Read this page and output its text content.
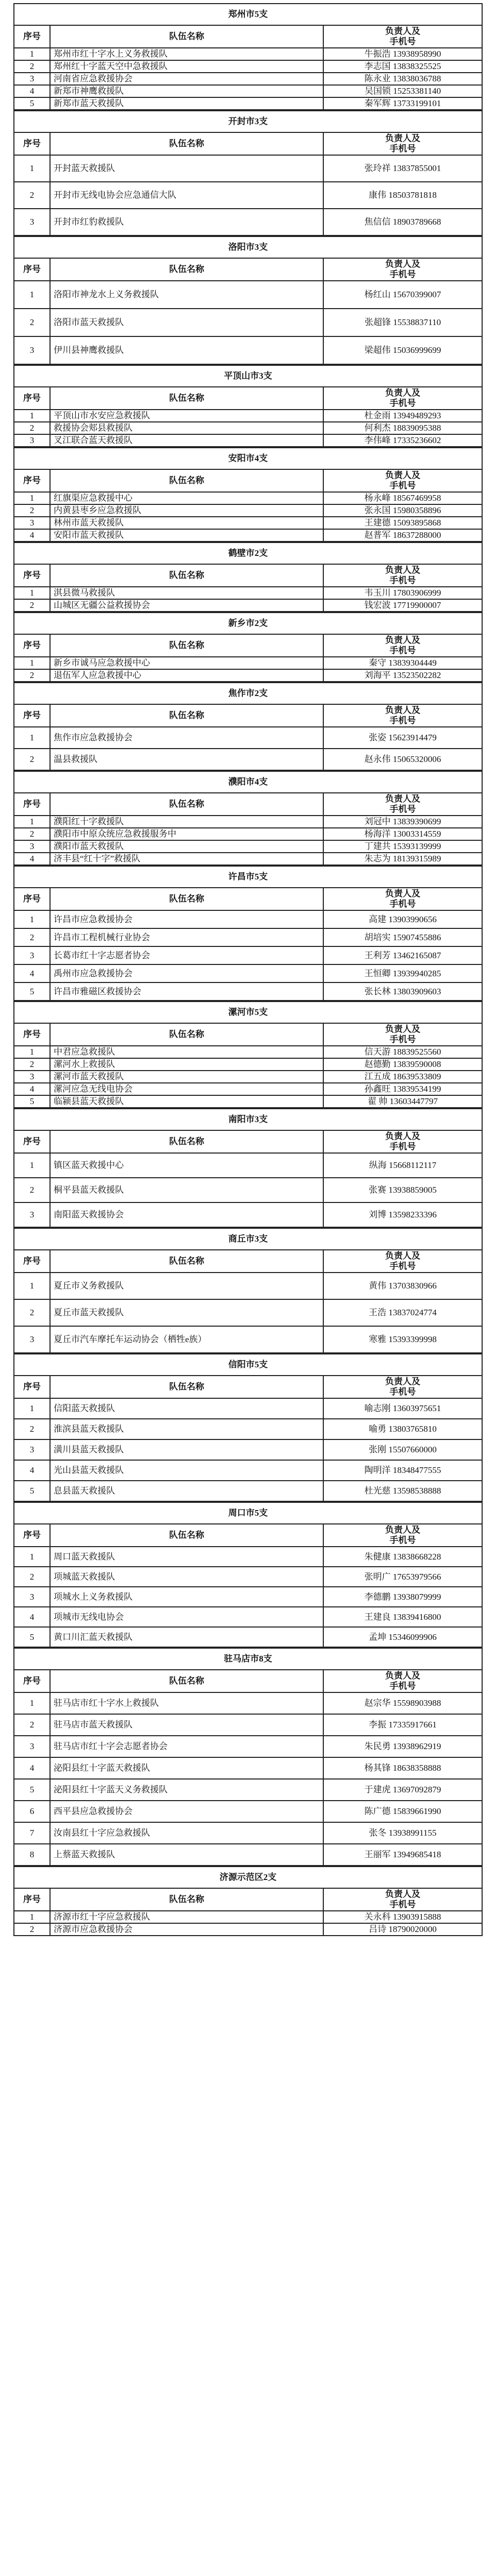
郑州市5支		
序号	队伍名称	负责人及
手机号

1	郑州市红十字水上义务救援队	牛振浩 13938958990
2	郑州红十字蓝天空中急救援队	李志国 13838325525
3	河南省应急救援协会	陈永业 13838036788
4	新郑市神鹰救援队	吴国锁 15253381140
5	新郑市蓝天救援队	秦军辉 13733199101
开封市3支		
序号	队伍名称	负责人及
手机号

1	开封蓝天救援队	张玲祥 13837855001
2	开封市无线电协会应急通信大队	康伟 18503781818
3	开封市红豹救援队	焦信信 18903789668
洛阳市3支		
序号	队伍名称	负责人及
手机号

1	洛阳市神龙水上义务救援队	杨红山 15670399007
2	洛阳市蓝天救援队	张超锋 15538837110
3	伊川县神鹰救援队	梁超伟 15036999699
平顶山市3支		
序号	队伍名称	负责人及
手机号

1	平顶山市水安应急救援队	杜金雨 13949489293
2	救援协会郏县救援队	何利杰 18839095388
3	叉江联合蓝天救援队	李伟峰 17335236602
安阳市4支		
序号	队伍名称	负责人及
手机号

1	红旗渠应急救援中心	杨永峰 18567469958
2	内黄县枣乡应急救援队	张永国 15980358896
3	林州市蓝天救援队	王建德 15093895868
4	安阳市蓝天救援队	赵普军 18637288000
鹤壁市2支		
序号	队伍名称	负责人及
手机号

1	淇县微马救援队	韦玉川 17803906999
2	山城区无疆公益救援协会	钱宏波 17719900007
新乡市2支		
序号	队伍名称	负责人及
手机号

1	新乡市诚马应急救援中心	秦守 13839304449
2	退伍军人应急救援中心	刘海平 13523502282
焦作市2支		
序号	队伍名称	负责人及
手机号

1	焦作市应急救援协会	张姿 15623914479
2	温县救援队	赵永伟 15065320006
濮阳市4支		
序号	队伍名称	负责人及
手机号

1	濮阳红十字救援队	刘冠中 13839390699
2	濮阳市中原众统应急救援服务中	杨海洋 13003314559
3	濮阳市蓝天救援队	丁建共 15393139999
4	济丰县“红十字”救援队	朱志为 18139315989
许昌市5支		
序号	队伍名称	负责人及
手机号

1	许昌市应急救援协会	高建 13903990656
2	许昌市工程机械行业协会	胡培实 15907455886
3	长葛市红十字志愿者协会	王利芳 13462165087
4	禹州市应急救援协会	王恒卿 13939940285
5	许昌市雅磁区救援协会	张长林 13803909603
漯河市5支		
序号	队伍名称	负责人及
手机号

1	中君应急救援队	信天游 18839525560
2	漯河水上救援队	赵德勤 13839590008
3	漯河市蓝天救援队	江五成 18639533809
4	漯河应急无线电协会	孙鑫旺 13839534199
5	临颍县蓝天救援队	翟 帅 13603447797
南阳市3支		
序号	队伍名称	负责人及
手机号

1	镇区蓝天救援中心	纵海 15668112117
2	桐平县蓝天救援队	张赛 13938859005
3	南阳蓝天救援协会	刘博 13598233396
商丘市3支		
序号	队伍名称	负责人及
手机号

1	夏丘市义务救援队	黄伟 13703830966
2	夏丘市蓝天救援队	王浩 13837024774
3	夏丘市汽车摩托车运动协会（栖牲e族）	寒雅 15393399998
信阳市5支		
序号	队伍名称	负责人及
手机号

1	信阳蓝天救援队	喻志刚 13603975651
2	淮滨县蓝天救援队	喻勇 13803765810
3	潢川县蓝天救援队	张刚 15507660000
4	光山县蓝天救援队	陶明洋 18348477555
5	息县蓝天救援队	杜光慈 13598538888
周口市5支		
序号	队伍名称	负责人及
手机号

1	周口蓝天救援队	朱健康 13838668228
2	项城蓝天救援队	张明广 17653979566
3	项城水上义务救援队	李德鹏 13938079999
4	项城市无线电协会	王建良 13839416800
5	黄口川汇蓝天救援队	孟坤 15346099906
驻马店市8支		
序号	队伍名称	负责人及
手机号

1	驻马店市红十字水上救援队	赵宗华 15598903988
2	驻马店市蓝天救援队	李振 17335917661
3	驻马店市红十字会志愿者协会	朱民勇 13938962919
4	泌阳县红十字蓝天救援队	杨其锋 18638358888
5	泌阳县红十字蓝天义务救援队	于建虎 13697092879
6	西平县应急救援协会	陈广德 15839661990
7	汝南县红十字应急救援队	张冬 13938991155
8	上蔡蓝天救援队	王丽军 13949685418
济源示范区2支		
序号	队伍名称	负责人及
手机号

1	济源市红十字应急救援队	关永科 13903915888
2	济源市应急救援协会	吕诗 18790020000
